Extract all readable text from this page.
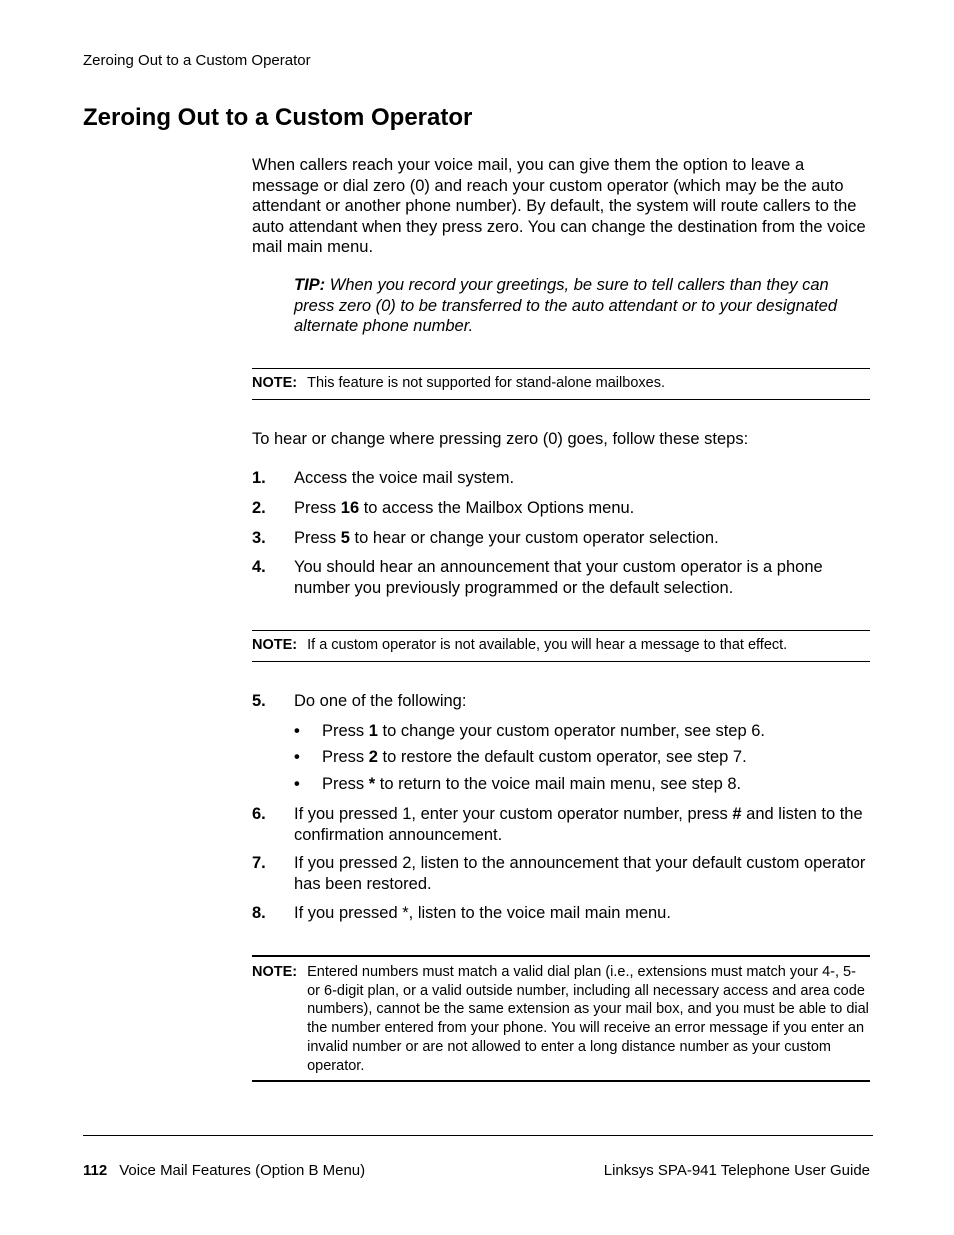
Zeroing Out to a Custom Operator
Zeroing Out to a Custom Operator
When callers reach your voice mail, you can give them the option to leave a message or dial zero (0) and reach your custom operator (which may be the auto attendant or another phone number). By default, the system will route callers to the auto attendant when they press zero. You can change the destination from the voice mail main menu.
TIP: When you record your greetings, be sure to tell callers than they can press zero (0) to be transferred to the auto attendant or to your designated alternate phone number.
NOTE: This feature is not supported for stand-alone mailboxes.
To hear or change where pressing zero (0) goes, follow these steps:
1.	Access the voice mail system.
2.	Press 16 to access the Mailbox Options menu.
3.	Press 5 to hear or change your custom operator selection.
4.	You should hear an announcement that your custom operator is a phone number you previously programmed or the default selection.
NOTE: If a custom operator is not available, you will hear a message to that effect.
5.	Do one of the following:
•	Press 1 to change your custom operator number, see step 6.
•	Press 2 to restore the default custom operator, see step 7.
•	Press * to return to the voice mail main menu, see step 8.
6.	If you pressed 1, enter your custom operator number, press # and listen to the confirmation announcement.
7.	If you pressed 2, listen to the announcement that your default custom operator has been restored.
8.	If you pressed *, listen to the voice mail main menu.
NOTE: Entered numbers must match a valid dial plan (i.e., extensions must match your 4-, 5- or 6-digit plan, or a valid outside number, including all necessary access and area code numbers), cannot be the same extension as your mail box, and you must be able to dial the number entered from your phone. You will receive an error message if you enter an invalid number or are not allowed to enter a long distance number as your custom operator.
112 Voice Mail Features (Option B Menu)	Linksys SPA-941 Telephone User Guide
